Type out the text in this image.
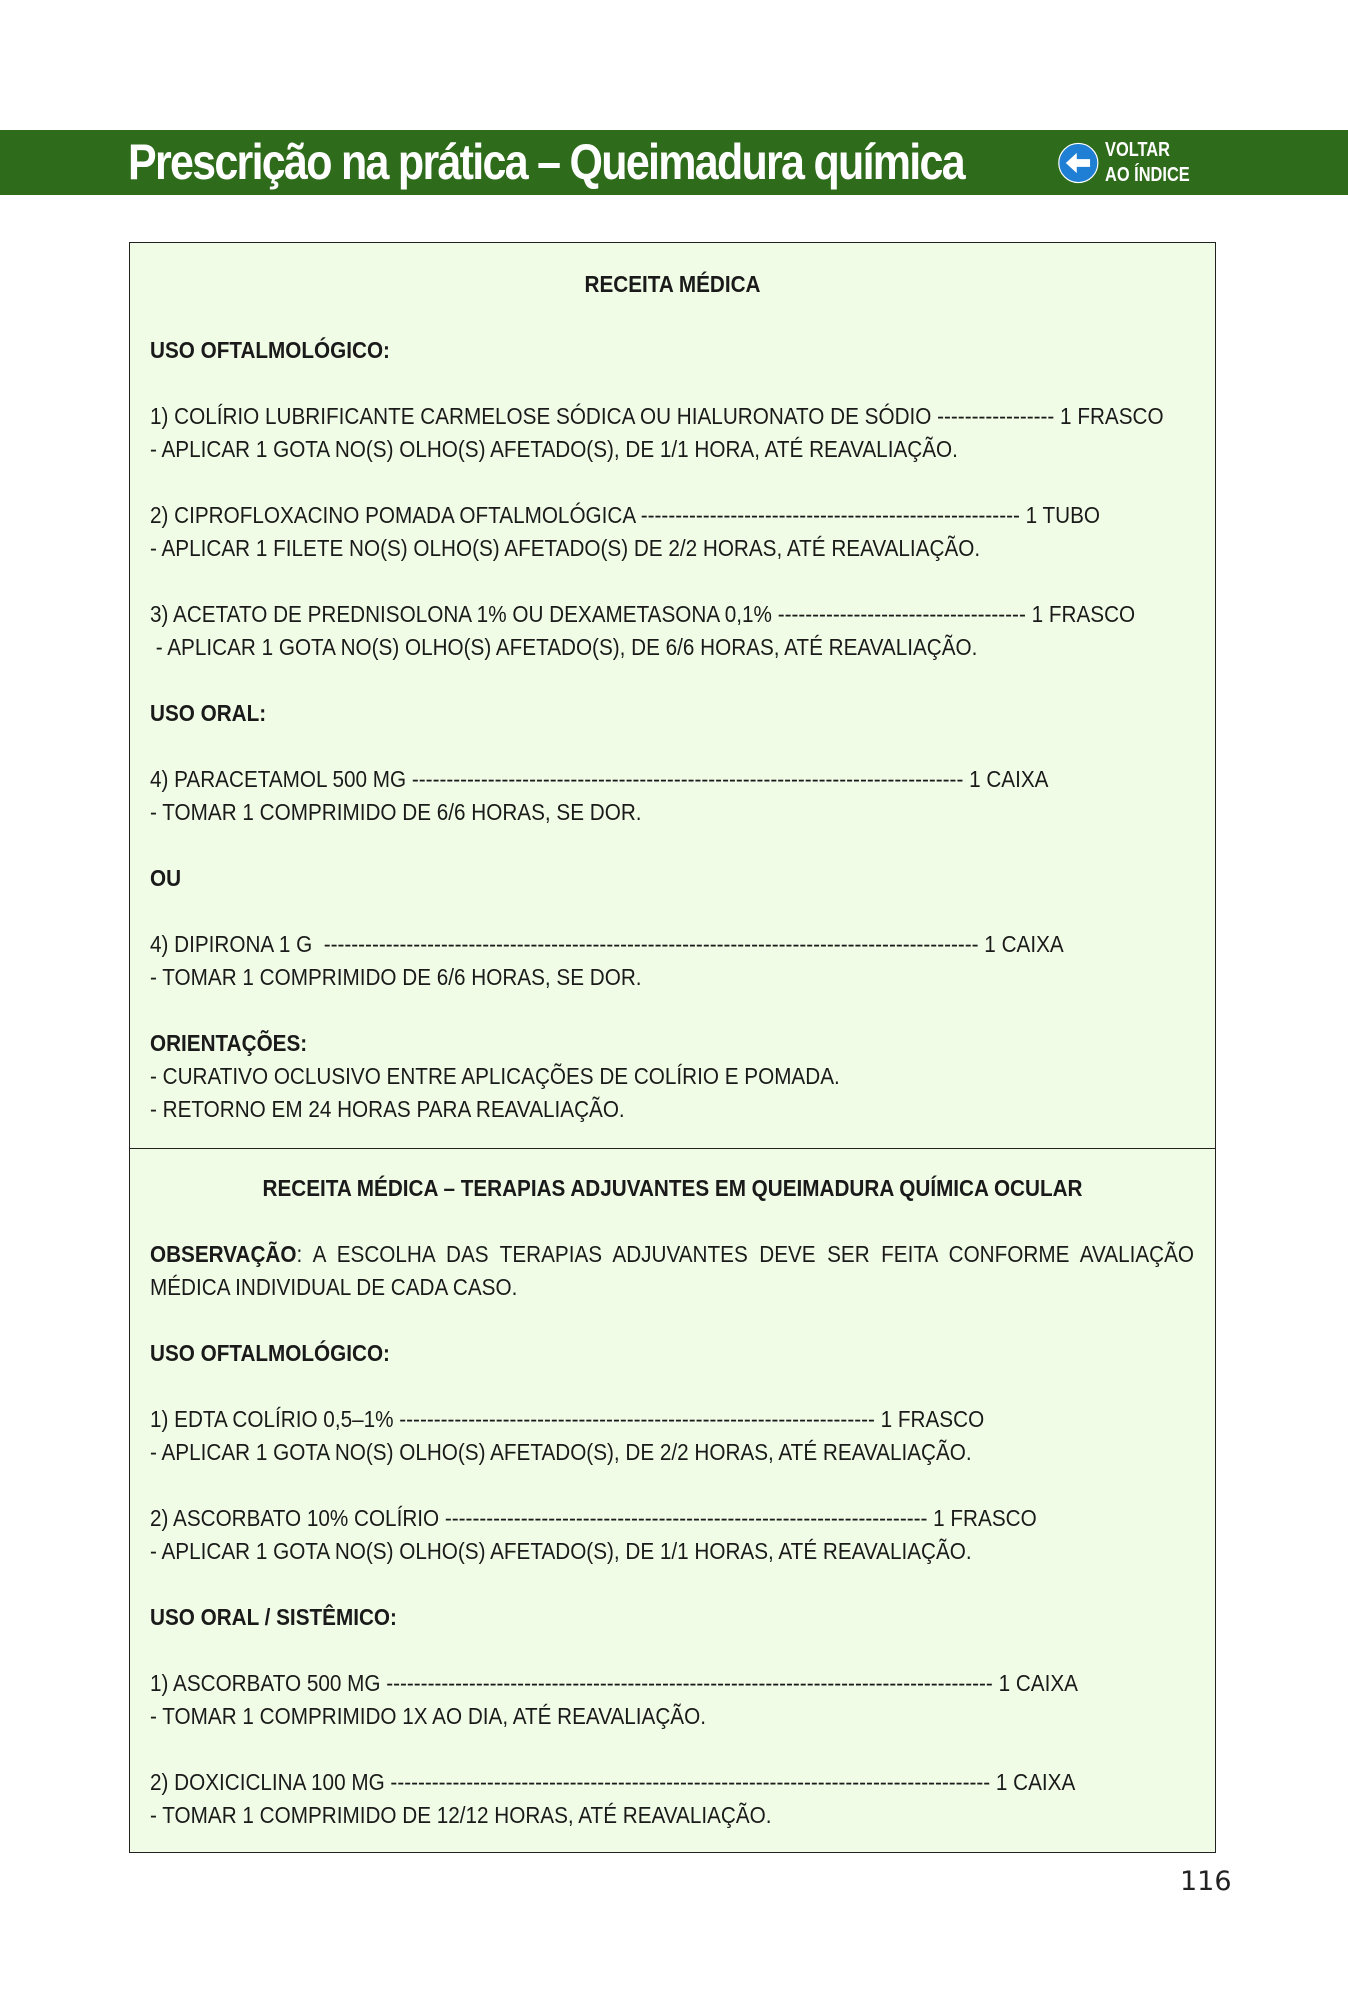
Prescrição na prática – Queimadura química	VOLTAR
AO ÍNDICE
RECEITA MÉDICA
USO OFTALMOLÓGICO:
1) COLÍRIO LUBRIFICANTE CARMELOSE SÓDICA OU HIALURONATO DE SÓDIO ----------------- 1 FRASCO
- APLICAR 1 GOTA NO(S) OLHO(S) AFETADO(S), DE 1/1 HORA, ATÉ REAVALIAÇÃO.
2) CIPROFLOXACINO POMADA OFTALMOLÓGICA ------------------------------------------------------- 1 TUBO
- APLICAR 1 FILETE NO(S) OLHO(S) AFETADO(S) DE 2/2 HORAS, ATÉ REAVALIAÇÃO.
3) ACETATO DE PREDNISOLONA 1% OU DEXAMETASONA 0,1% ------------------------------------ 1 FRASCO
- APLICAR 1 GOTA NO(S) OLHO(S) AFETADO(S), DE 6/6 HORAS, ATÉ REAVALIAÇÃO.
USO ORAL:
4) PARACETAMOL 500 MG -------------------------------------------------------------------------------- 1 CAIXA
- TOMAR 1 COMPRIMIDO DE 6/6 HORAS, SE DOR.
OU
4) DIPIRONA 1 G  ----------------------------------------------------------------------------------------------- 1 CAIXA
- TOMAR 1 COMPRIMIDO DE 6/6 HORAS, SE DOR.
ORIENTAÇÕES:
- CURATIVO OCLUSIVO ENTRE APLICAÇÕES DE COLÍRIO E POMADA.
- RETORNO EM 24 HORAS PARA REAVALIAÇÃO.
RECEITA MÉDICA – TERAPIAS ADJUVANTES EM QUEIMADURA QUÍMICA OCULAR
OBSERVAÇÃO: A ESCOLHA DAS TERAPIAS ADJUVANTES DEVE SER FEITA CONFORME AVALIAÇÃO MÉDICA INDIVIDUAL DE CADA CASO.
USO OFTALMOLÓGICO:
1) EDTA COLÍRIO 0,5–1% --------------------------------------------------------------------- 1 FRASCO
- APLICAR 1 GOTA NO(S) OLHO(S) AFETADO(S), DE 2/2 HORAS, ATÉ REAVALIAÇÃO.
2) ASCORBATO 10% COLÍRIO ---------------------------------------------------------------------- 1 FRASCO
- APLICAR 1 GOTA NO(S) OLHO(S) AFETADO(S), DE 1/1 HORAS, ATÉ REAVALIAÇÃO.
USO ORAL / SISTÊMICO:
1) ASCORBATO 500 MG ---------------------------------------------------------------------------------------- 1 CAIXA
- TOMAR 1 COMPRIMIDO 1X AO DIA, ATÉ REAVALIAÇÃO.
2) DOXICICLINA 100 MG --------------------------------------------------------------------------------------- 1 CAIXA
- TOMAR 1 COMPRIMIDO DE 12/12 HORAS, ATÉ REAVALIAÇÃO.
116
